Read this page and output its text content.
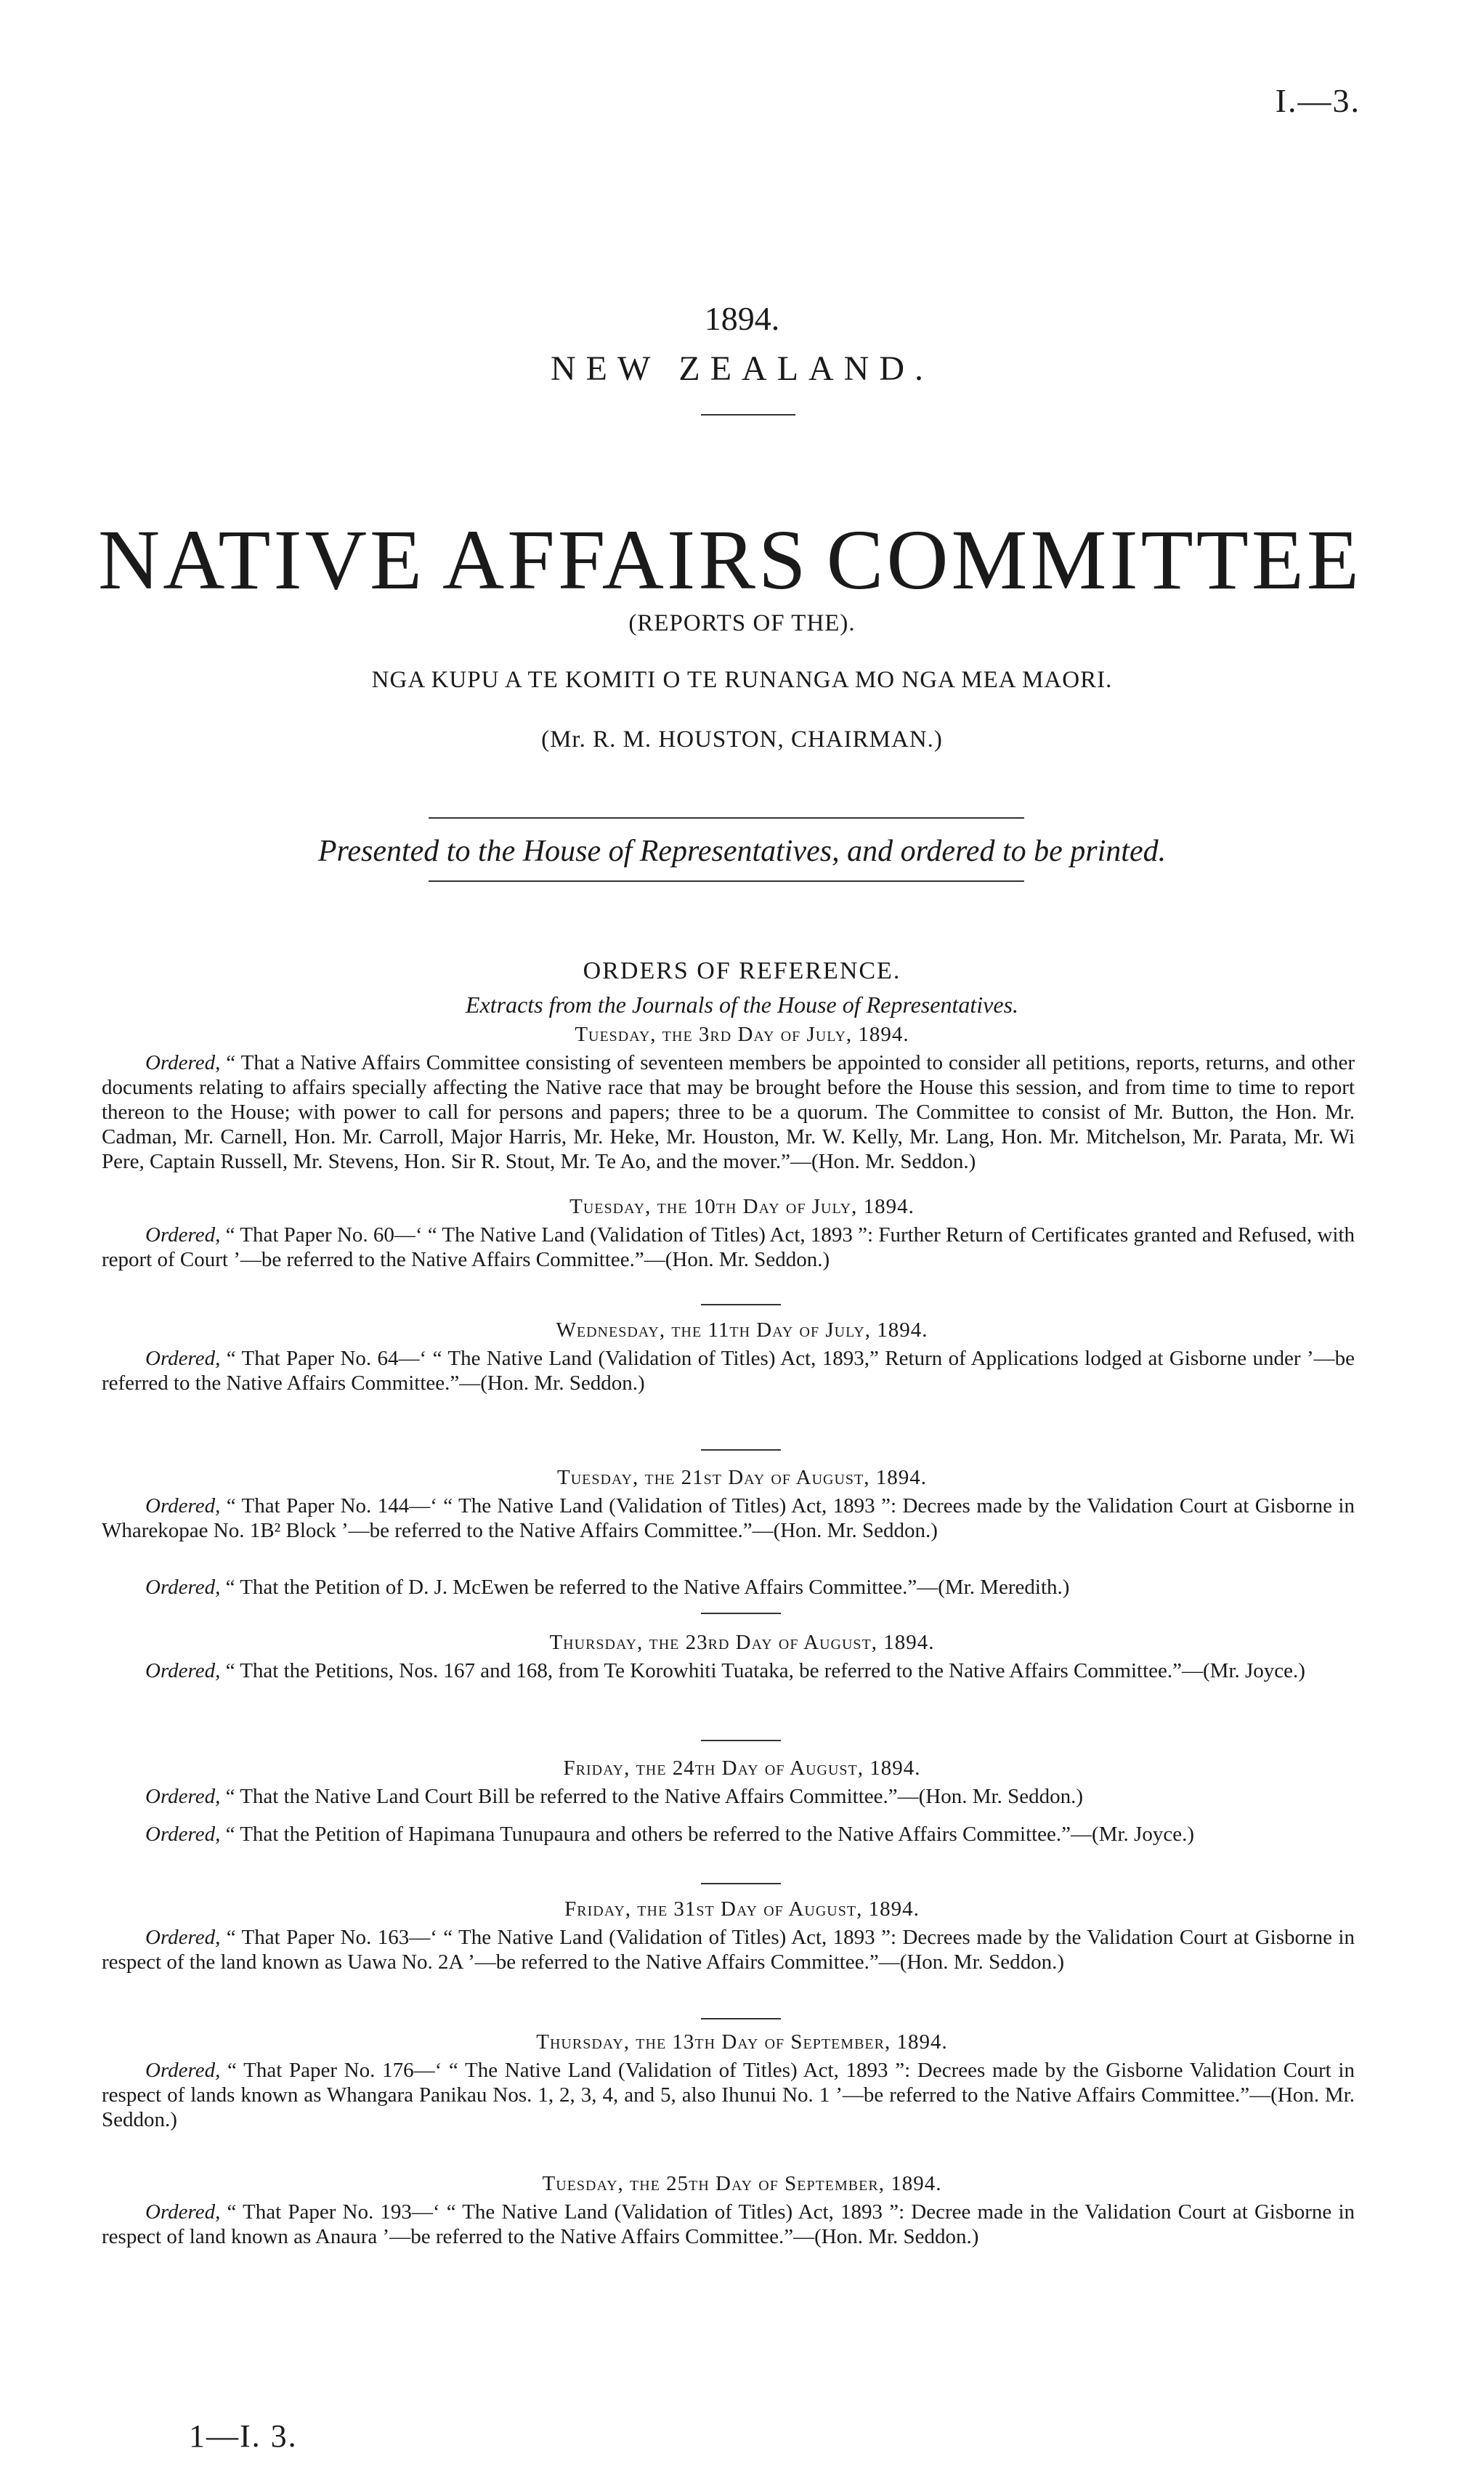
I.—3.
1894.
NEW ZEALAND.
NATIVE AFFAIRS COMMITTEE
(REPORTS OF THE).
NGA KUPU A TE KOMITI O TE RUNANGA MO NGA MEA MAORI.
(Mr. R. M. HOUSTON, CHAIRMAN.)
Presented to the House of Representatives, and ordered to be printed.
ORDERS OF REFERENCE.
Extracts from the Journals of the House of Representatives.
Tuesday, the 3rd Day of July, 1894.
Ordered, “ That a Native Affairs Committee consisting of seventeen members be appointed to consider all petitions, reports, returns, and other documents relating to affairs specially affecting the Native race that may be brought before the House this session, and from time to time to report thereon to the House; with power to call for persons and papers; three to be a quorum. The Committee to consist of Mr. Button, the Hon. Mr. Cadman, Mr. Carnell, Hon. Mr. Carroll, Major Harris, Mr. Heke, Mr. Houston, Mr. W. Kelly, Mr. Lang, Hon. Mr. Mitchelson, Mr. Parata, Mr. Wi Pere, Captain Russell, Mr. Stevens, Hon. Sir R. Stout, Mr. Te Ao, and the mover.”—(Hon. Mr. Seddon.)
Tuesday, the 10th Day of July, 1894.
Ordered, “ That Paper No. 60—‘ “ The Native Land (Validation of Titles) Act, 1893 ”: Further Return of Certificates granted and Refused, with report of Court ’—be referred to the Native Affairs Committee.”—(Hon. Mr. Seddon.)
Wednesday, the 11th Day of July, 1894.
Ordered, “ That Paper No. 64—‘ “ The Native Land (Validation of Titles) Act, 1893,” Return of Applications lodged at Gisborne under ’—be referred to the Native Affairs Committee.”—(Hon. Mr. Seddon.)
Tuesday, the 21st Day of August, 1894.
Ordered, “ That Paper No. 144—‘ “ The Native Land (Validation of Titles) Act, 1893 ”: Decrees made by the Validation Court at Gisborne in Wharekopae No. 1B² Block ’—be referred to the Native Affairs Committee.”—(Hon. Mr. Seddon.)
Ordered, “ That the Petition of D. J. McEwen be referred to the Native Affairs Committee.”—(Mr. Meredith.)
Thursday, the 23rd Day of August, 1894.
Ordered, “ That the Petitions, Nos. 167 and 168, from Te Korowhiti Tuataka, be referred to the Native Affairs Committee.”—(Mr. Joyce.)
Friday, the 24th Day of August, 1894.
Ordered, “ That the Native Land Court Bill be referred to the Native Affairs Committee.”—(Hon. Mr. Seddon.)
Ordered, “ That the Petition of Hapimana Tunupaura and others be referred to the Native Affairs Committee.”—(Mr. Joyce.)
Friday, the 31st Day of August, 1894.
Ordered, “ That Paper No. 163—‘ “ The Native Land (Validation of Titles) Act, 1893 ”: Decrees made by the Validation Court at Gisborne in respect of the land known as Uawa No. 2A ’—be referred to the Native Affairs Committee.”—(Hon. Mr. Seddon.)
Thursday, the 13th Day of September, 1894.
Ordered, “ That Paper No. 176—‘ “ The Native Land (Validation of Titles) Act, 1893 ”: Decrees made by the Gisborne Validation Court in respect of lands known as Whangara Panikau Nos. 1, 2, 3, 4, and 5, also Ihunui No. 1 ’—be referred to the Native Affairs Committee.”—(Hon. Mr. Seddon.)
Tuesday, the 25th Day of September, 1894.
Ordered, “ That Paper No. 193—‘ “ The Native Land (Validation of Titles) Act, 1893 ”: Decree made in the Validation Court at Gisborne in respect of land known as Anaura ’—be referred to the Native Affairs Committee.”—(Hon. Mr. Seddon.)
1—I. 3.
